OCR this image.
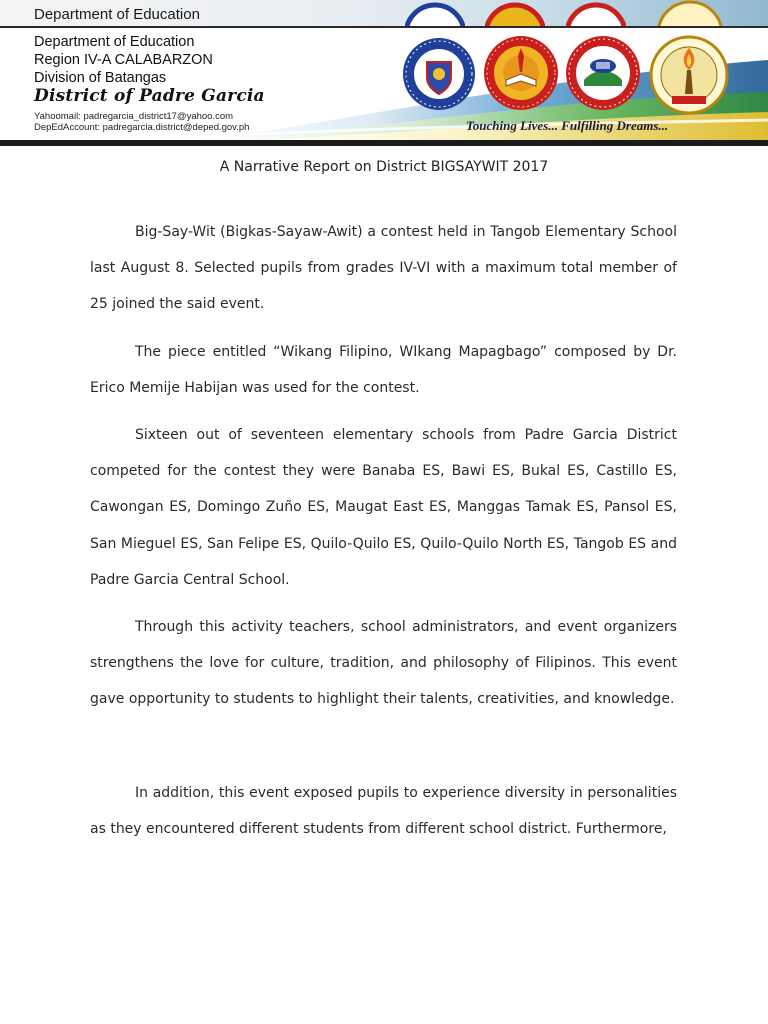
Department of Education
Department of Education
Region IV-A CALABARZON
Division of Batangas
District of Padre Garcia
Yahoomail: padregarcia_district17@yahoo.com
DepEdAccount: padregarcia.district@deped.gov.ph	Touching Lives... Fulfilling Dreams...
A Narrative Report on District BIGSAYWIT 2017

Big-Say-Wit (Bigkas-Sayaw-Awit) a contest held in Tangob Elementary School last August 8. Selected pupils from grades IV-VI with a maximum total member of 25 joined the said event.

The piece entitled “Wikang Filipino, WIkang Mapagbago” composed by Dr. Erico Memije Habijan was used for the contest.

Sixteen out of seventeen elementary schools from Padre Garcia District competed for the contest they were Banaba ES, Bawi ES, Bukal ES, Castillo ES, Cawongan ES, Domingo Zuño ES, Maugat East ES, Manggas Tamak ES, Pansol ES, San Mieguel ES, San Felipe ES, Quilo-Quilo ES, Quilo-Quilo North ES, Tangob ES and Padre Garcia Central School.

Through this activity teachers, school administrators, and event organizers strengthens the love for culture, tradition, and philosophy of Filipinos. This event gave opportunity to students to highlight their talents, creativities, and knowledge.

In addition, this event exposed pupils to experience diversity in personalities as they encountered different students from different school district. Furthermore,
